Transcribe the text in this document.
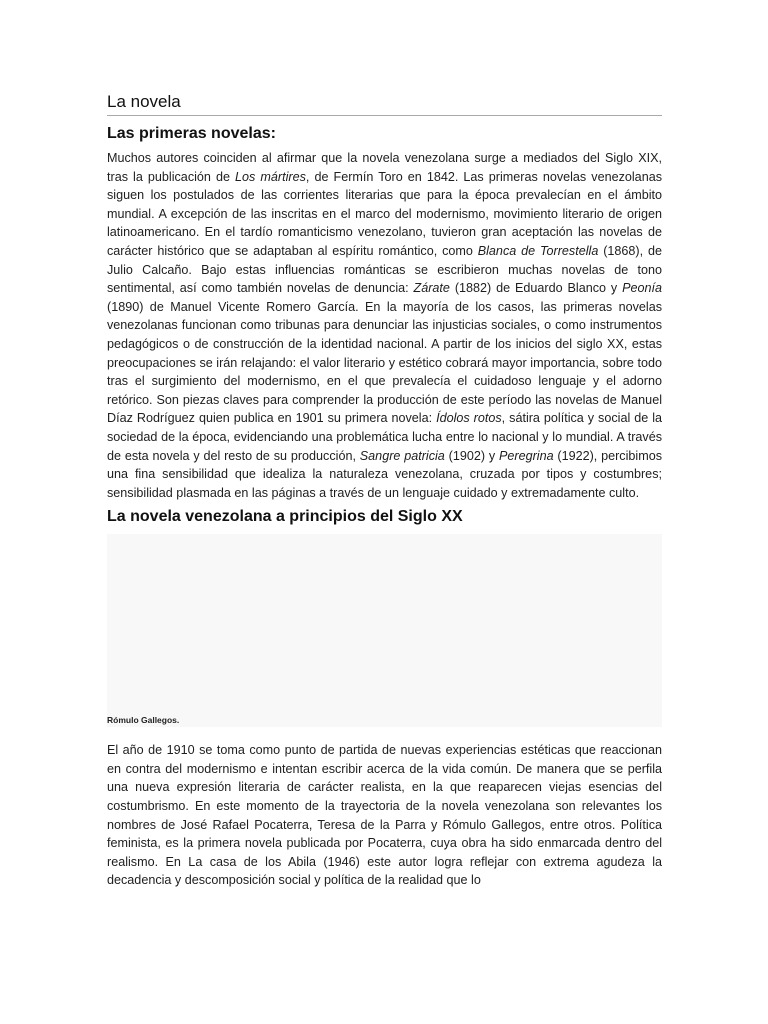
La novela
Las primeras novelas:

Muchos autores coinciden al afirmar que la novela venezolana surge a mediados del Siglo XIX, tras la publicación de Los mártires, de Fermín Toro en 1842. Las primeras novelas venezolanas siguen los postulados de las corrientes literarias que para la época prevalecían en el ámbito mundial. A excepción de las inscritas en el marco del modernismo, movimiento literario de origen latinoamericano. En el tardío romanticismo venezolano, tuvieron gran aceptación las novelas de carácter histórico que se adaptaban al espíritu romántico, como Blanca de Torrestella (1868), de Julio Calcaño. Bajo estas influencias románticas se escribieron muchas novelas de tono sentimental, así como también novelas de denuncia: Zárate (1882) de Eduardo Blanco y Peonía (1890) de Manuel Vicente Romero García. En la mayoría de los casos, las primeras novelas venezolanas funcionan como tribunas para denunciar las injusticias sociales, o como instrumentos pedagógicos o de construcción de la identidad nacional. A partir de los inicios del siglo XX, estas preocupaciones se irán relajando: el valor literario y estético cobrará mayor importancia, sobre todo tras el surgimiento del modernismo, en el que prevalecía el cuidadoso lenguaje y el adorno retórico. Son piezas claves para comprender la producción de este período las novelas de Manuel Díaz Rodríguez quien publica en 1901 su primera novela: Ídolos rotos, sátira política y social de la sociedad de la época, evidenciando una problemática lucha entre lo nacional y lo mundial. A través de esta novela y del resto de su producción, Sangre patricia (1902) y Peregrina (1922), percibimos una fina sensibilidad que idealiza la naturaleza venezolana, cruzada por tipos y costumbres; sensibilidad plasmada en las páginas a través de un lenguaje cuidado y extremadamente culto.

La novela venezolana a principios del Siglo XX
Rómulo Gallegos.

El año de 1910 se toma como punto de partida de nuevas experiencias estéticas que reaccionan en contra del modernismo e intentan escribir acerca de la vida común. De manera que se perfila una nueva expresión literaria de carácter realista, en la que reaparecen viejas esencias del costumbrismo. En este momento de la trayectoria de la novela venezolana son relevantes los nombres de José Rafael Pocaterra, Teresa de la Parra y Rómulo Gallegos, entre otros. Política feminista, es la primera novela publicada por Pocaterra, cuya obra ha sido enmarcada dentro del realismo. En La casa de los Abila (1946) este autor logra reflejar con extrema agudeza la decadencia y descomposición social y política de la realidad que lo
